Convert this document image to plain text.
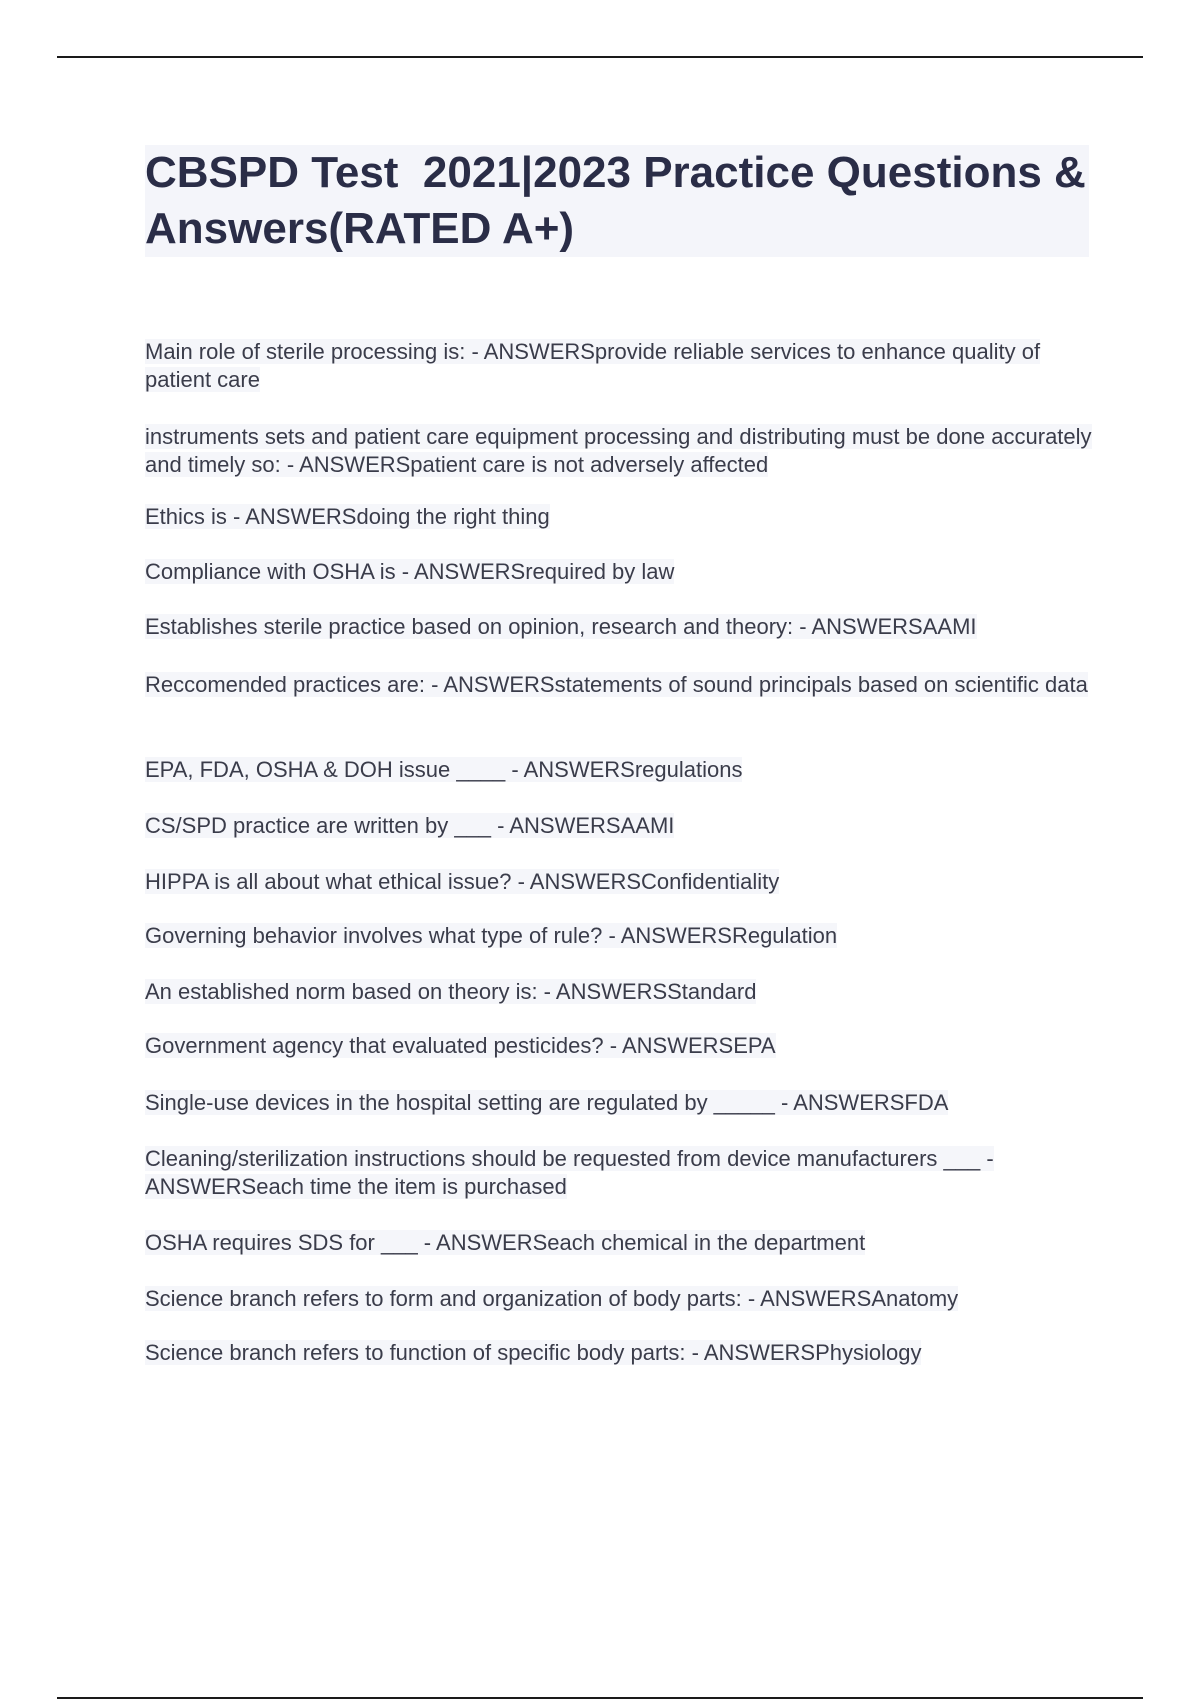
CBSPD Test  2021|2023 Practice Questions & Answers(RATED A+)
Main role of sterile processing is: - ANSWERSprovide reliable services to enhance quality of patient care
instruments sets and patient care equipment processing and distributing must be done accurately and timely so: - ANSWERSpatient care is not adversely affected
Ethics is - ANSWERSdoing the right thing
Compliance with OSHA is - ANSWERSrequired by law
Establishes sterile practice based on opinion, research and theory: - ANSWERSAAMI
Reccomended practices are: - ANSWERSstatements of sound principals based on scientific data
EPA, FDA, OSHA & DOH issue ____ - ANSWERSregulations
CS/SPD practice are written by ___ - ANSWERSAAMI
HIPPA is all about what ethical issue? - ANSWERSConfidentiality
Governing behavior involves what type of rule? - ANSWERSRegulation
An established norm based on theory is: - ANSWERSStandard
Government agency that evaluated pesticides? - ANSWERSEPA
Single-use devices in the hospital setting are regulated by _____ - ANSWERSFDA
Cleaning/sterilization instructions should be requested from device manufacturers ___ - ANSWERSeach time the item is purchased
OSHA requires SDS for ___ - ANSWERSeach chemical in the department
Science branch refers to form and organization of body parts: - ANSWERSAnatomy
Science branch refers to function of specific body parts: - ANSWERSPhysiology
